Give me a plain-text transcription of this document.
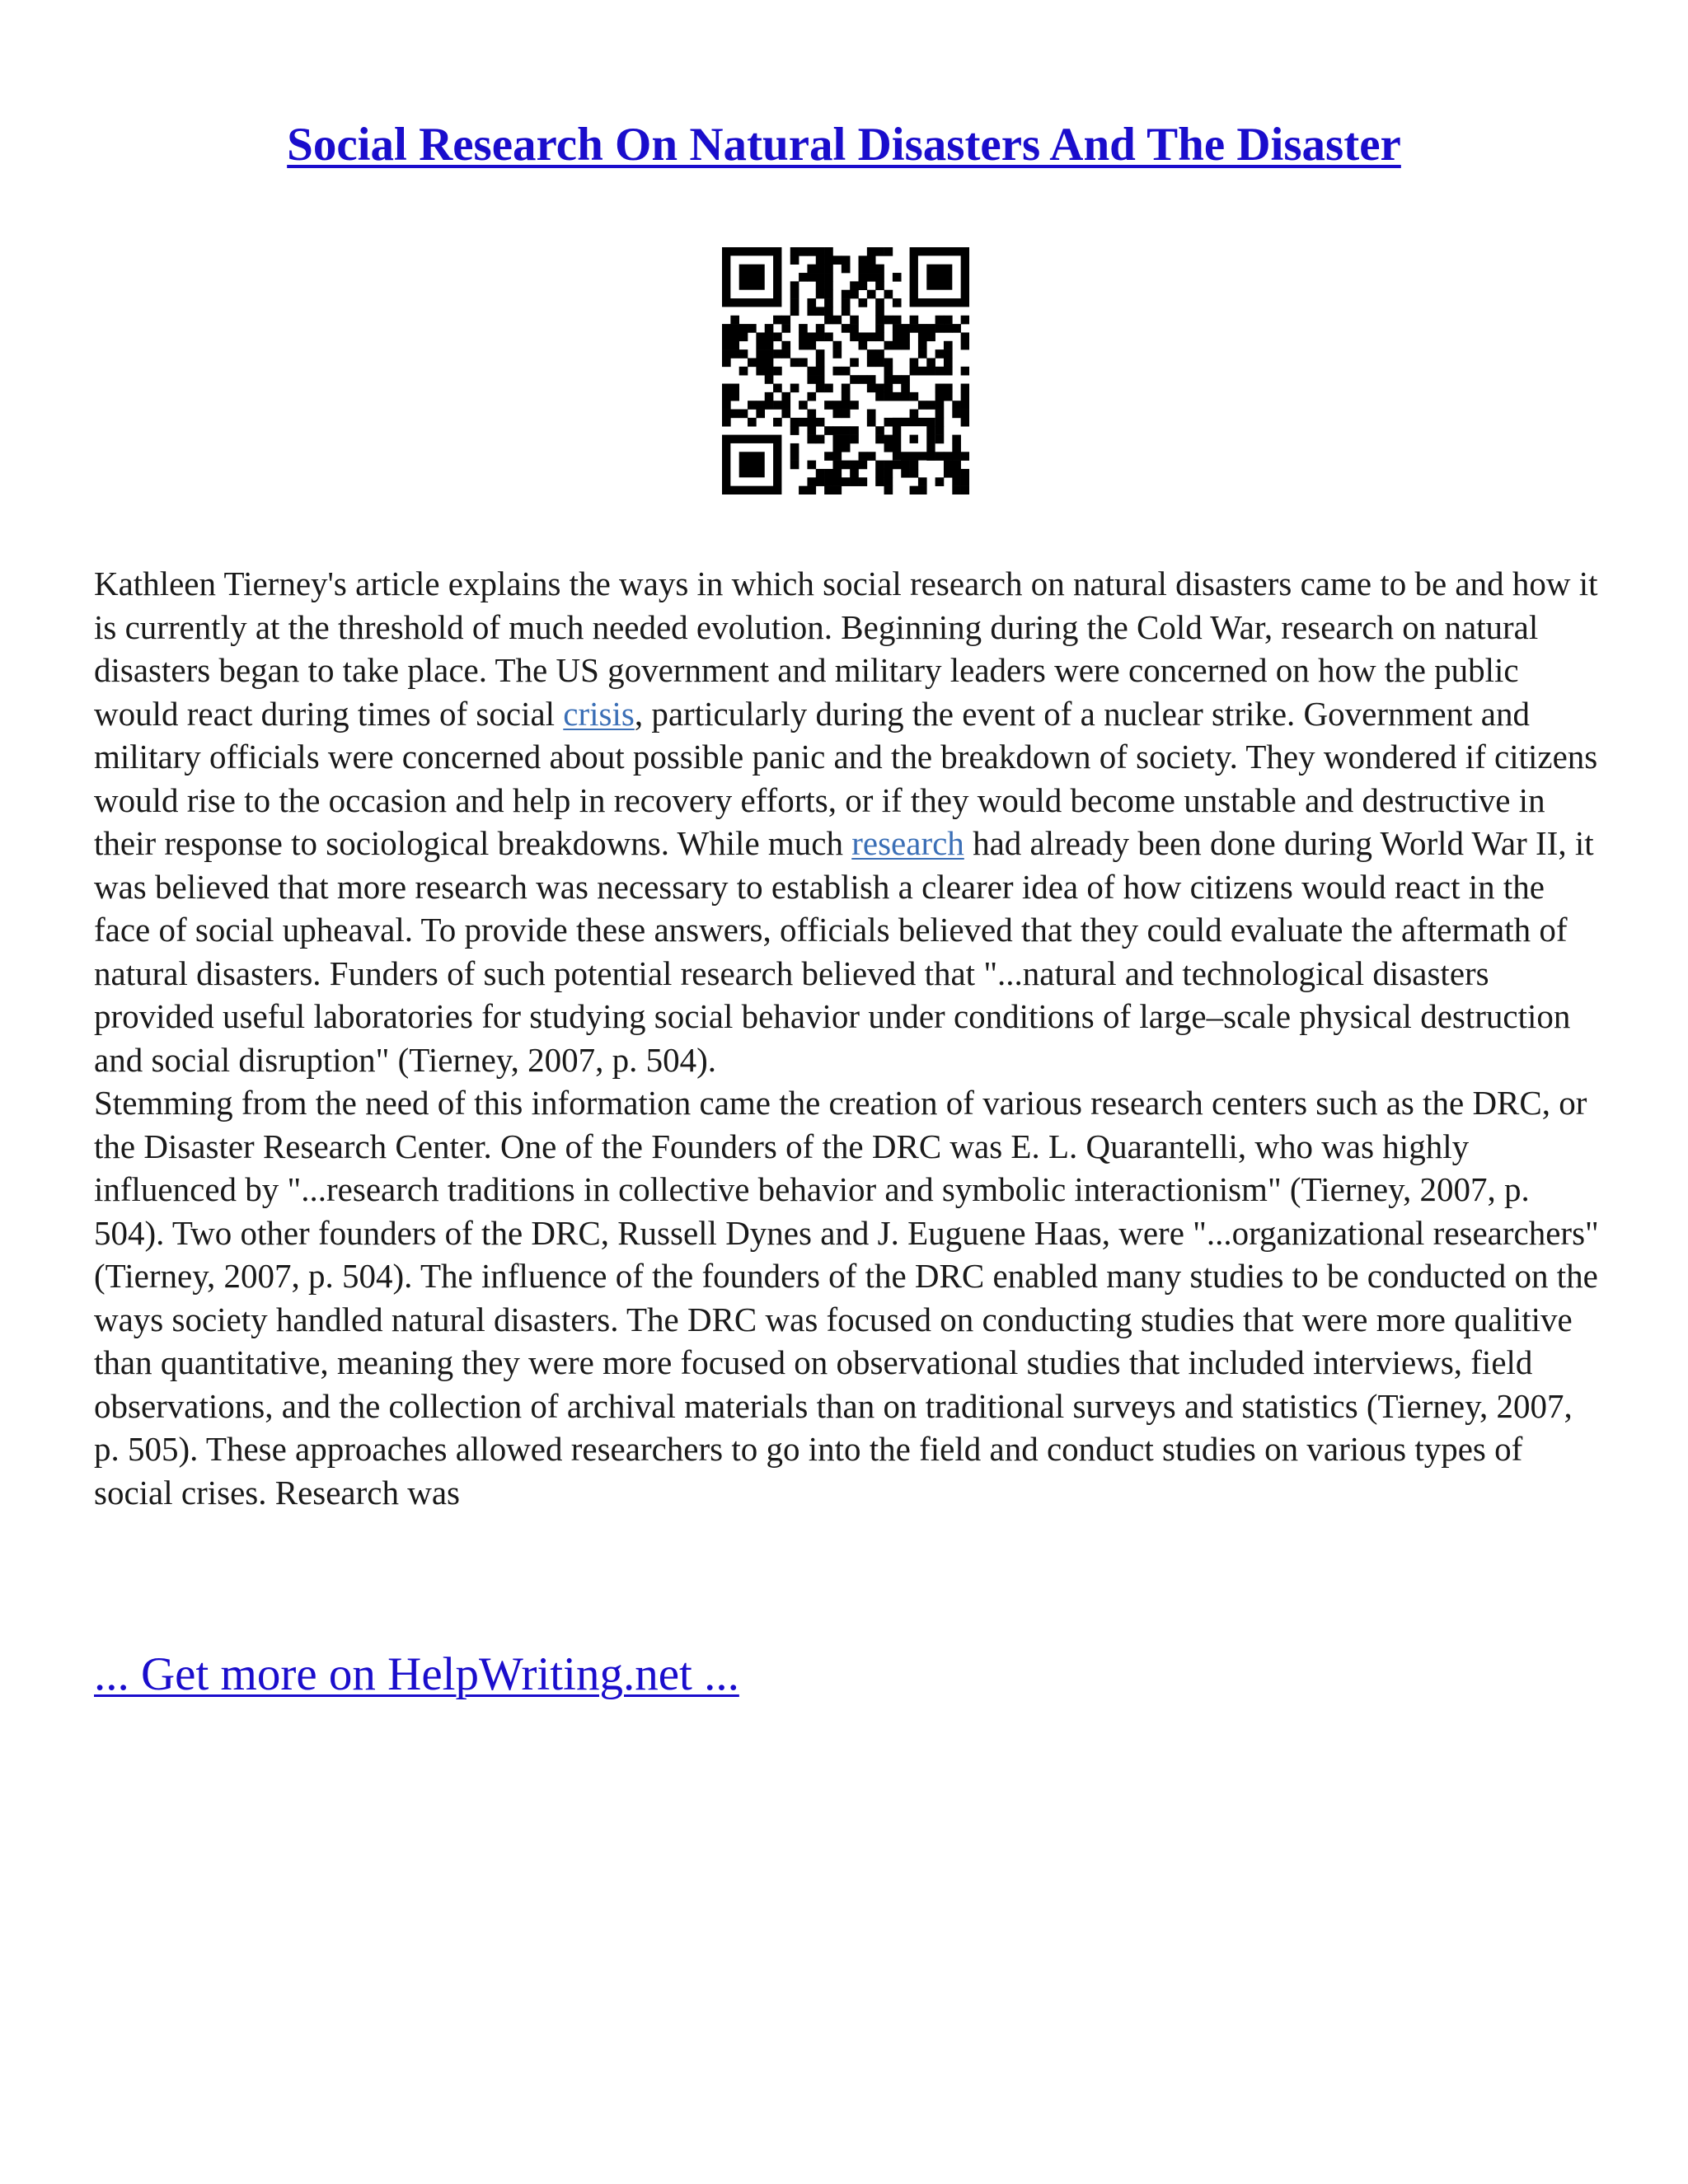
Social Research On Natural Disasters And The Disaster

Kathleen Tierney's article explains the ways in which social research on natural disasters came to be and how it is currently at the threshold of much needed evolution. Beginning during the Cold War, research on natural disasters began to take place. The US government and military leaders were concerned on how the public would react during times of social crisis, particularly during the event of a nuclear strike. Government and military officials were concerned about possible panic and the breakdown of society. They wondered if citizens would rise to the occasion and help in recovery efforts, or if they would become unstable and destructive in their response to sociological breakdowns. While much research had already been done during World War II, it was believed that more research was necessary to establish a clearer idea of how citizens would react in the face of social upheaval. To provide these answers, officials believed that they could evaluate the aftermath of natural disasters. Funders of such potential research believed that "...natural and technological disasters provided useful laboratories for studying social behavior under conditions of large–scale physical destruction and social disruption" (Tierney, 2007, p. 504).

Stemming from the need of this information came the creation of various research centers such as the DRC, or the Disaster Research Center. One of the Founders of the DRC was E. L. Quarantelli, who was highly influenced by "...research traditions in collective behavior and symbolic interactionism" (Tierney, 2007, p. 504). Two other founders of the DRC, Russell Dynes and J. Euguene Haas, were "...organizational researchers" (Tierney, 2007, p. 504). The influence of the founders of the DRC enabled many studies to be conducted on the ways society handled natural disasters. The DRC was focused on conducting studies that were more qualitive than quantitative, meaning they were more focused on observational studies that included interviews, field observations, and the collection of archival materials than on traditional surveys and statistics (Tierney, 2007, p. 505). These approaches allowed researchers to go into the field and conduct studies on various types of social crises. Research was

... Get more on HelpWriting.net ...
